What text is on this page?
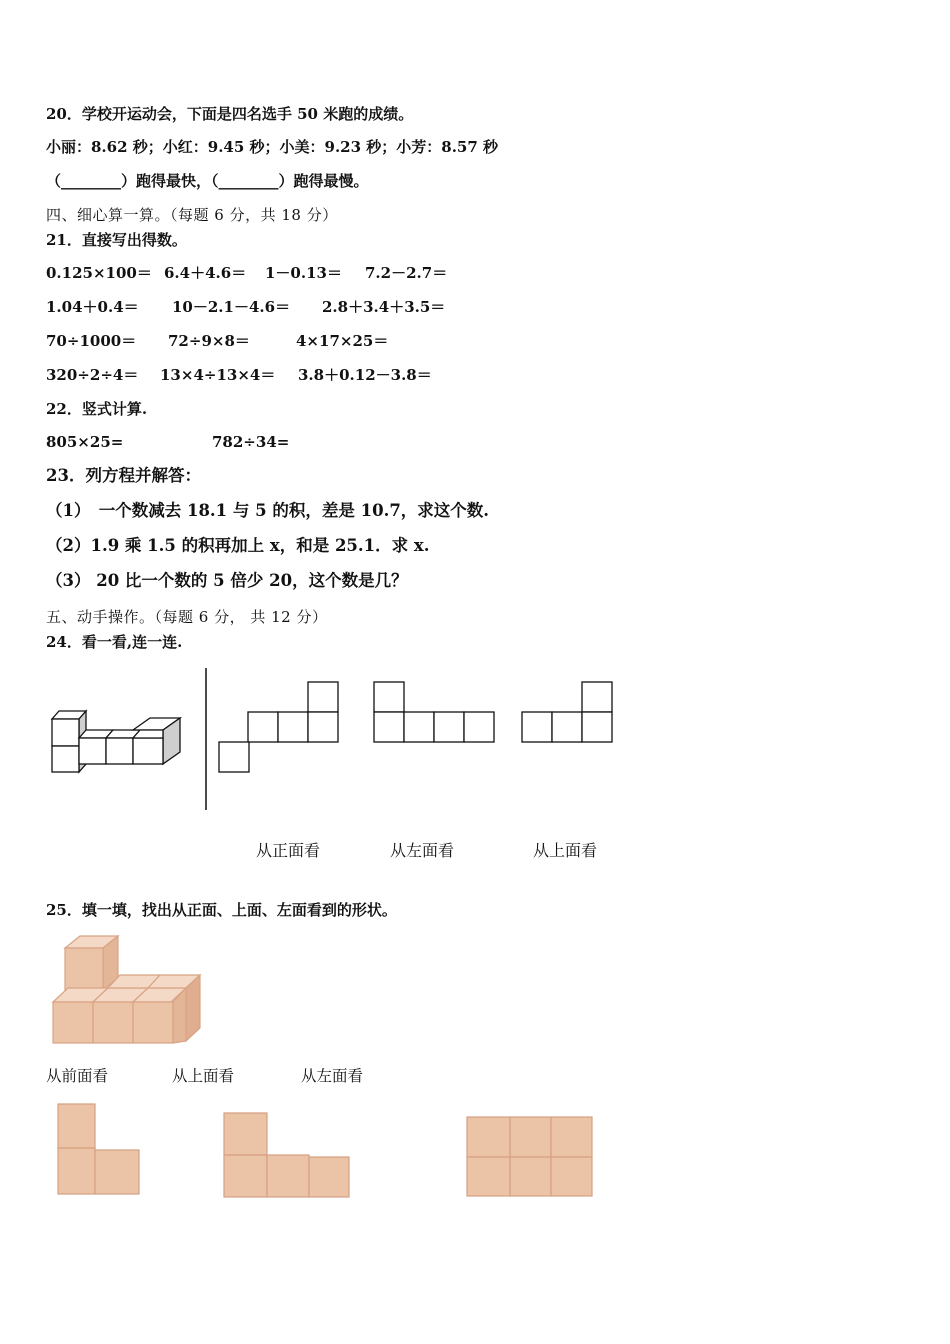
20．学校开运动会，下面是四名选手 50 米跑的成绩。
小丽：8.62 秒；小红：9.45 秒；小美：9.23 秒；小芳：8.57 秒
（________）跑得最快，（________）跑得最慢。
四、细心算一算。（每题 6 分，共 18 分）
21．直接写出得数。
0.125×100＝ 6.4＋4.6＝ 1－0.13＝ 7.2－2.7＝
1.04＋0.4＝ 10－2.1－4.6＝ 2.8＋3.4＋3.5＝
70÷1000＝ 72÷9×8＝	4×17×25＝
320÷2÷4＝ 13×4÷13×4＝ 3.8＋0.12－3.8＝
22．竖式计算.
805×25=	782÷34=
23．列方程并解答：
（1）　一个数减去 18.1 与 5 的积，差是 10.7，求这个数.
（2）1.9 乘 1.5 的积再加上 x，和是 25.1．求 x.
（3） 20 比一个数的 5 倍少 20，这个数是几？
五、动手操作。（每题 6 分， 共 12 分）
24．看一看,连一连.
从正面看	从左面看	从上面看
25．填一填，找出从正面、上面、左面看到的形状。
从前面看	从上面看	从左面看
